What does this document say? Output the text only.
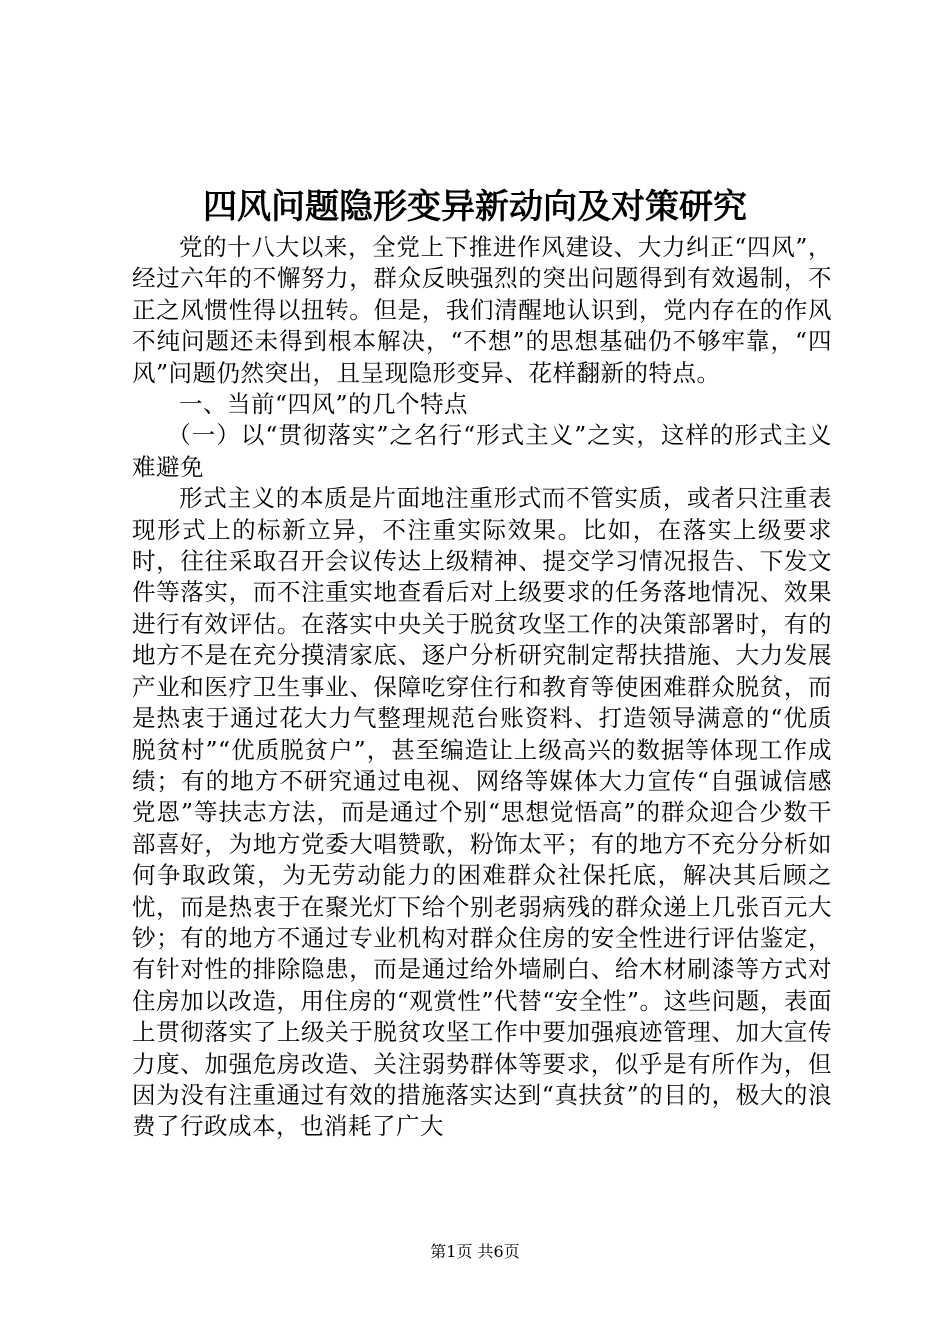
四风问题隐形变异新动向及对策研究

党的十八大以来，全党上下推进作风建设、大力纠正“四风”，经过六年的不懈努力，群众反映强烈的突出问题得到有效遏制，不正之风惯性得以扭转。但是，我们清醒地认识到，党内存在的作风不纯问题还未得到根本解决，“不想”的思想基础仍不够牢靠，“四风”问题仍然突出，且呈现隐形变异、花样翻新的特点。

一、当前“四风”的几个特点

（一）以“贯彻落实”之名行“形式主义”之实，这样的形式主义难避免

形式主义的本质是片面地注重形式而不管实质，或者只注重表现形式上的标新立异，不注重实际效果。比如，在落实上级要求时，往往采取召开会议传达上级精神、提交学习情况报告、下发文件等落实，而不注重实地查看后对上级要求的任务落地情况、效果进行有效评估。在落实中央关于脱贫攻坚工作的决策部署时，有的地方不是在充分摸清家底、逐户分析研究制定帮扶措施、大力发展产业和医疗卫生事业、保障吃穿住行和教育等使困难群众脱贫，而是热衷于通过花大力气整理规范台账资料、打造领导满意的“优质脱贫村”“优质脱贫户”，甚至编造让上级高兴的数据等体现工作成绩；有的地方不研究通过电视、网络等媒体大力宣传“自强诚信感党恩”等扶志方法，而是通过个别“思想觉悟高”的群众迎合少数干部喜好，为地方党委大唱赞歌，粉饰太平；有的地方不充分分析如何争取政策，为无劳动能力的困难群众社保托底，解决其后顾之忧，而是热衷于在聚光灯下给个别老弱病残的群众递上几张百元大钞；有的地方不通过专业机构对群众住房的安全性进行评估鉴定，有针对性的排除隐患，而是通过给外墙刷白、给木材刷漆等方式对住房加以改造，用住房的“观赏性”代替“安全性”。这些问题，表面上贯彻落实了上级关于脱贫攻坚工作中要加强痕迹管理、加大宣传力度、加强危房改造、关注弱势群体等要求，似乎是有所作为，但因为没有注重通过有效的措施落实达到“真扶贫”的目的，极大的浪费了行政成本，也消耗了广大

第1页 共6页
